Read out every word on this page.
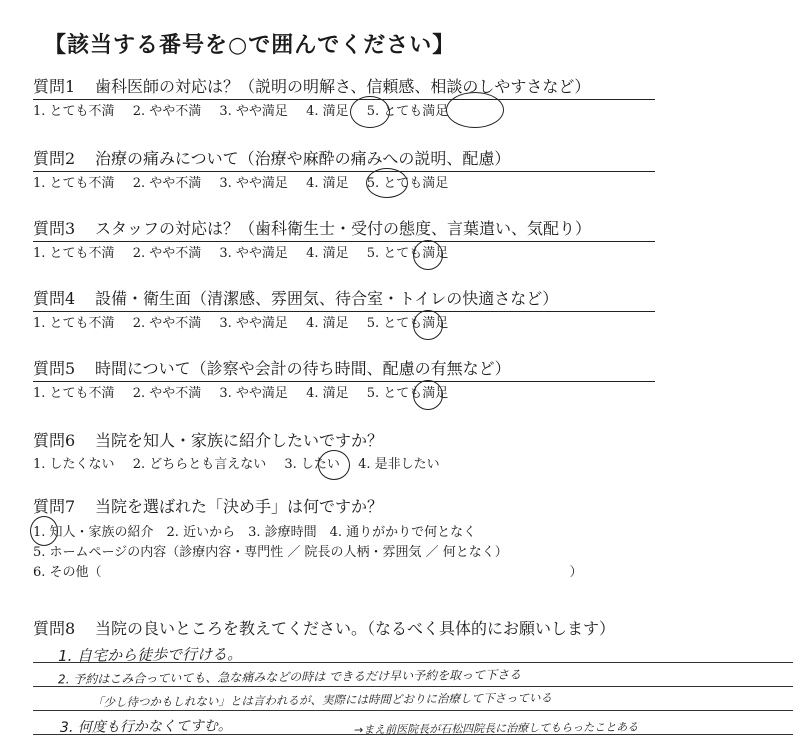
【該当する番号を○で囲んでください】
質問1 歯科医師の対応は？（説明の明解さ、信頼感、相談のしやすさなど）
1. とても不満 2. やや不満 3. やや満足 4. 満足 5. とても満足
質問2 治療の痛みについて（治療や麻酔の痛みへの説明、配慮）
1. とても不満 2. やや不満 3. やや満足 4. 満足 5. とても満足
質問3 スタッフの対応は？（歯科衛生士・受付の態度、言葉遣い、気配り）
1. とても不満 2. やや不満 3. やや満足 4. 満足 5. とても満足
質問4 設備・衛生面（清潔感、雰囲気、待合室・トイレの快適さなど）
1. とても不満 2. やや不満 3. やや満足 4. 満足 5. とても満足
質問5 時間について（診察や会計の待ち時間、配慮の有無など）
1. とても不満 2. やや不満 3. やや満足 4. 満足 5. とても満足
質問6 当院を知人・家族に紹介したいですか？
1. したくない 2. どちらとも言えない 3. したい 4. 是非したい
質問7 当院を選ばれた「決め手」は何ですか？
1. 知人・家族の紹介　2. 近いから　3. 診療時間　4. 通りがかりで何となく
5. ホームページの内容（診療内容・専門性 ／ 院長の人柄・雰囲気 ／ 何となく）
6. その他（	）
質問8 当院の良いところを教えてください。（なるべく具体的にお願いします）
1. 自宅から徒歩で行ける。
2. 予約はこみ合っていても、急な痛みなどの時は できるだけ早い予約を取って下さる
「少し待つかもしれない」とは言われるが、実際には時間どおりに治療して下さっている
3. 何度も行かなくてすむ。	→まえ前医院長が石松四院長に治療してもらったことある
